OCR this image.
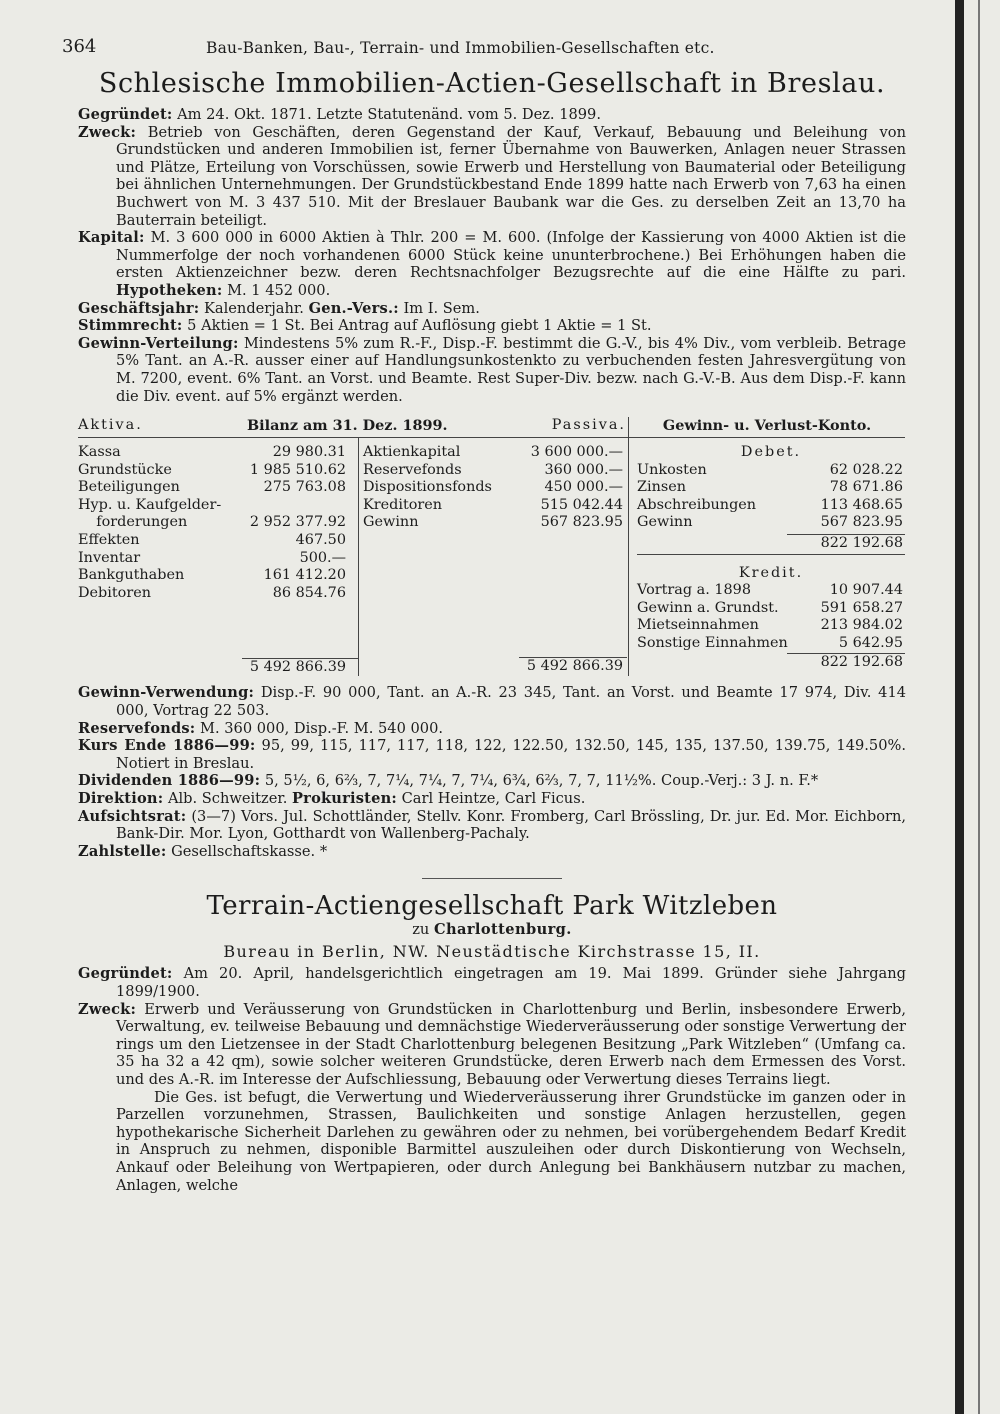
364	Bau-Banken, Bau-, Terrain- und Immobilien-Gesellschaften etc.
Schlesische Immobilien-Actien-Gesellschaft in Breslau.

Gegründet: Am 24. Okt. 1871. Letzte Statutenänd. vom 5. Dez. 1899.

Zweck: Betrieb von Geschäften, deren Gegenstand der Kauf, Verkauf, Bebauung und Beleihung von Grundstücken und anderen Immobilien ist, ferner Übernahme von Bauwerken, Anlagen neuer Strassen und Plätze, Erteilung von Vorschüssen, sowie Erwerb und Herstellung von Baumaterial oder Beteiligung bei ähnlichen Unternehmungen. Der Grundstückbestand Ende 1899 hatte nach Erwerb von 7,63 ha einen Buchwert von M. 3 437 510. Mit der Breslauer Baubank war die Ges. zu derselben Zeit an 13,70 ha Bauterrain beteiligt.

Kapital: M. 3 600 000 in 6000 Aktien à Thlr. 200 = M. 600. (Infolge der Kassierung von 4000 Aktien ist die Nummerfolge der noch vorhandenen 6000 Stück keine ununterbrochene.) Bei Erhöhungen haben die ersten Aktienzeichner bezw. deren Rechtsnachfolger Bezugsrechte auf die eine Hälfte zu pari. Hypotheken: M. 1 452 000.

Geschäftsjahr: Kalenderjahr. Gen.-Vers.: Im I. Sem.

Stimmrecht: 5 Aktien = 1 St. Bei Antrag auf Auflösung giebt 1 Aktie = 1 St.

Gewinn-Verteilung: Mindestens 5% zum R.-F., Disp.-F. bestimmt die G.-V., bis 4% Div., vom verbleib. Betrage 5% Tant. an A.-R. ausser einer auf Handlungsunkostenkto zu verbuchenden festen Jahresvergütung von M. 7200, event. 6% Tant. an Vorst. und Beamte. Rest Super-Div. bezw. nach G.-V.-B. Aus dem Disp.-F. kann die Div. event. auf 5% ergänzt werden.

Aktiva.	Bilanz am 31. Dez. 1899.	Passiva.
Kassa	29 980.31
Grundstücke	1 985 510.62
Beteiligungen	275 763.08
Hyp. u. Kaufgelder-
forderungen	2 952 377.92
Effekten	467.50
Inventar	500.—
Bankguthaben	161 412.20
Debitoren	86 854.76
5 492 866.39
Aktienkapital	3 600 000.—
Reservefonds	360 000.—
Dispositionsfonds	450 000.—
Kreditoren	515 042.44
Gewinn	567 823.95
5 492 866.39
Gewinn- u. Verlust-Konto.
Debet.
Unkosten	62 028.22
Zinsen	78 671.86
Abschreibungen	113 468.65
Gewinn	567 823.95
822 192.68
Kredit.
Vortrag a. 1898	10 907.44
Gewinn a. Grundst.	591 658.27
Mietseinnahmen	213 984.02
Sonstige Einnahmen	5 642.95
822 192.68

Gewinn-Verwendung: Disp.-F. 90 000, Tant. an A.-R. 23 345, Tant. an Vorst. und Beamte 17 974, Div. 414 000, Vortrag 22 503.

Reservefonds: M. 360 000, Disp.-F. M. 540 000.

Kurs Ende 1886—99: 95, 99, 115, 117, 117, 118, 122, 122.50, 132.50, 145, 135, 137.50, 139.75, 149.50%. Notiert in Breslau.

Dividenden 1886—99: 5, 5½, 6, 6⅔, 7, 7¼, 7¼, 7, 7¼, 6¾, 6⅔, 7, 7, 11½%. Coup.-Verj.: 3 J. n. F.*

Direktion: Alb. Schweitzer. Prokuristen: Carl Heintze, Carl Ficus.

Aufsichtsrat: (3—7) Vors. Jul. Schottländer, Stellv. Konr. Fromberg, Carl Brössling, Dr. jur. Ed. Mor. Eichborn, Bank-Dir. Mor. Lyon, Gotthardt von Wallenberg-Pachaly.

Zahlstelle: Gesellschaftskasse. *

Terrain-Actiengesellschaft Park Witzleben

zu Charlottenburg.

Bureau in Berlin, NW. Neustädtische Kirchstrasse 15, II.

Gegründet: Am 20. April, handelsgerichtlich eingetragen am 19. Mai 1899. Gründer siehe Jahrgang 1899/1900.

Zweck: Erwerb und Veräusserung von Grundstücken in Charlottenburg und Berlin, insbesondere Erwerb, Verwaltung, ev. teilweise Bebauung und demnächstige Wiederveräusserung oder sonstige Verwertung der rings um den Lietzensee in der Stadt Charlottenburg belegenen Besitzung „Park Witzleben“ (Umfang ca. 35 ha 32 a 42 qm), sowie solcher weiteren Grundstücke, deren Erwerb nach dem Ermessen des Vorst. und des A.-R. im Interesse der Aufschliessung, Bebauung oder Verwertung dieses Terrains liegt.

Die Ges. ist befugt, die Verwertung und Wiederveräusserung ihrer Grundstücke im ganzen oder in Parzellen vorzunehmen, Strassen, Baulichkeiten und sonstige Anlagen herzustellen, gegen hypothekarische Sicherheit Darlehen zu gewähren oder zu nehmen, bei vorübergehendem Bedarf Kredit in Anspruch zu nehmen, disponible Barmittel auszuleihen oder durch Diskontierung von Wechseln, Ankauf oder Beleihung von Wertpapieren, oder durch Anlegung bei Bankhäusern nutzbar zu machen, Anlagen, welche
